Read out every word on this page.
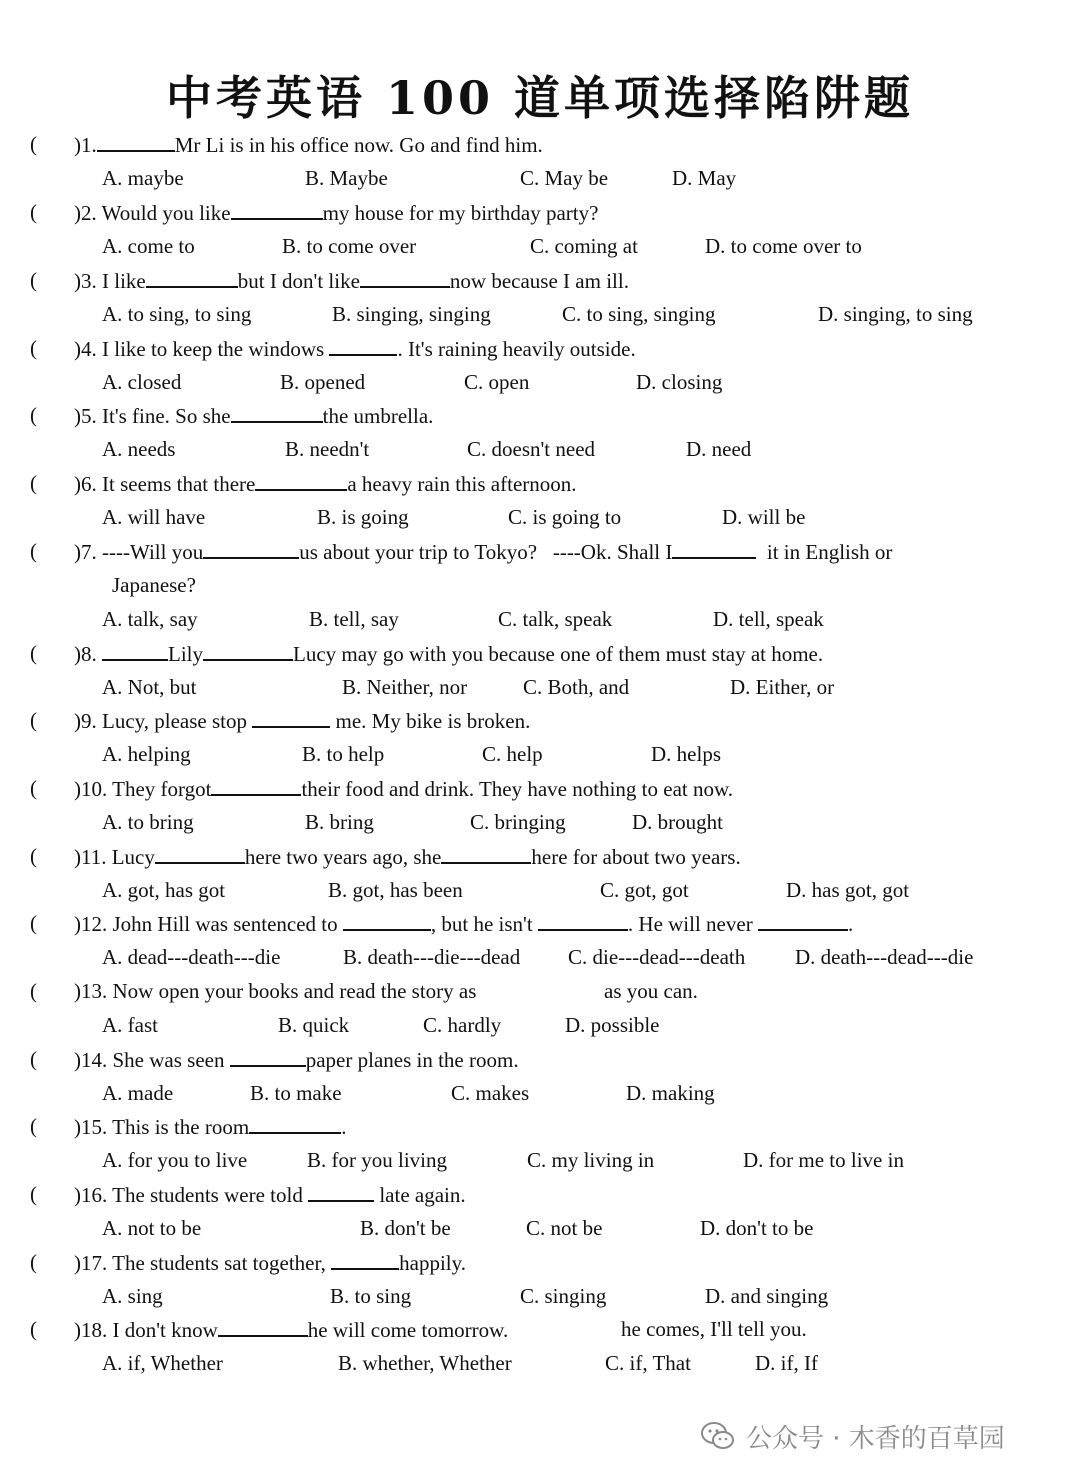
中考英语 100 道单项选择陷阱题
( )1.	Mr Li is in his office now. Go and find him.
A. maybe	B. Maybe	C. May be	D. May
( )2. Would you like	my house for my birthday party?
A. come to	B. to come over	C. coming at	D. to come over to
( )3. I like	but I don't like	now because I am ill.
A. to sing, to sing	B. singing, singing	C. to sing, singing	D. singing, to sing
( )4. I like to keep the windows	. It's raining heavily outside.
A. closed	B. opened	C. open	D. closing
( )5. It's fine. So she	the umbrella.
A. needs	B. needn't	C. doesn't need	D. need
( )6. It seems that there	a heavy rain this afternoon.
A. will have	B. is going	C. is going to	D. will be
( )7. ----Will you	us about your trip to Tokyo? ----Ok. Shall I	it in English or
Japanese?
A. talk, say	B. tell, say	C. talk, speak	D. tell, speak
( )8.	Lily	Lucy may go with you because one of them must stay at home.
A. Not, but	B. Neither, nor	C. Both, and	D. Either, or
( )9. Lucy, please stop	me. My bike is broken.
A. helping	B. to help	C. help	D. helps
( )10. They forgot	their food and drink. They have nothing to eat now.
A. to bring	B. bring	C. bringing	D. brought
( )11. Lucy	here two years ago, she	here for about two years.
A. got, has got	B. got, has been	C. got, got	D. has got, got
( )12. John Hill was sentenced to	, but he isn't	. He will never	.
A. dead---death---die	B. death---die---dead C. die---dead---death D. death---dead---die
( )13. Now open your books and read the story as	as you can.
A. fast	B. quick	C. hardly	D. possible
( )14. She was seen	paper planes in the room.
A. made	B. to make	C. makes	D. making
( )15. This is the room	.
A. for you to live	B. for you living	C. my living in	D. for me to live in
( )16. The students were told	late again.
A. not to be	B. don't be	C. not be	D. don't to be
( )17. The students sat together,	happily.
A. sing	B. to sing	C. singing	D. and singing
( )18. I don't know	he will come tomorrow.	he comes, I'll tell you.
A. if, Whether	B. whether, Whether	C. if, That	D. if, If
公众号 · 木香的百草园
